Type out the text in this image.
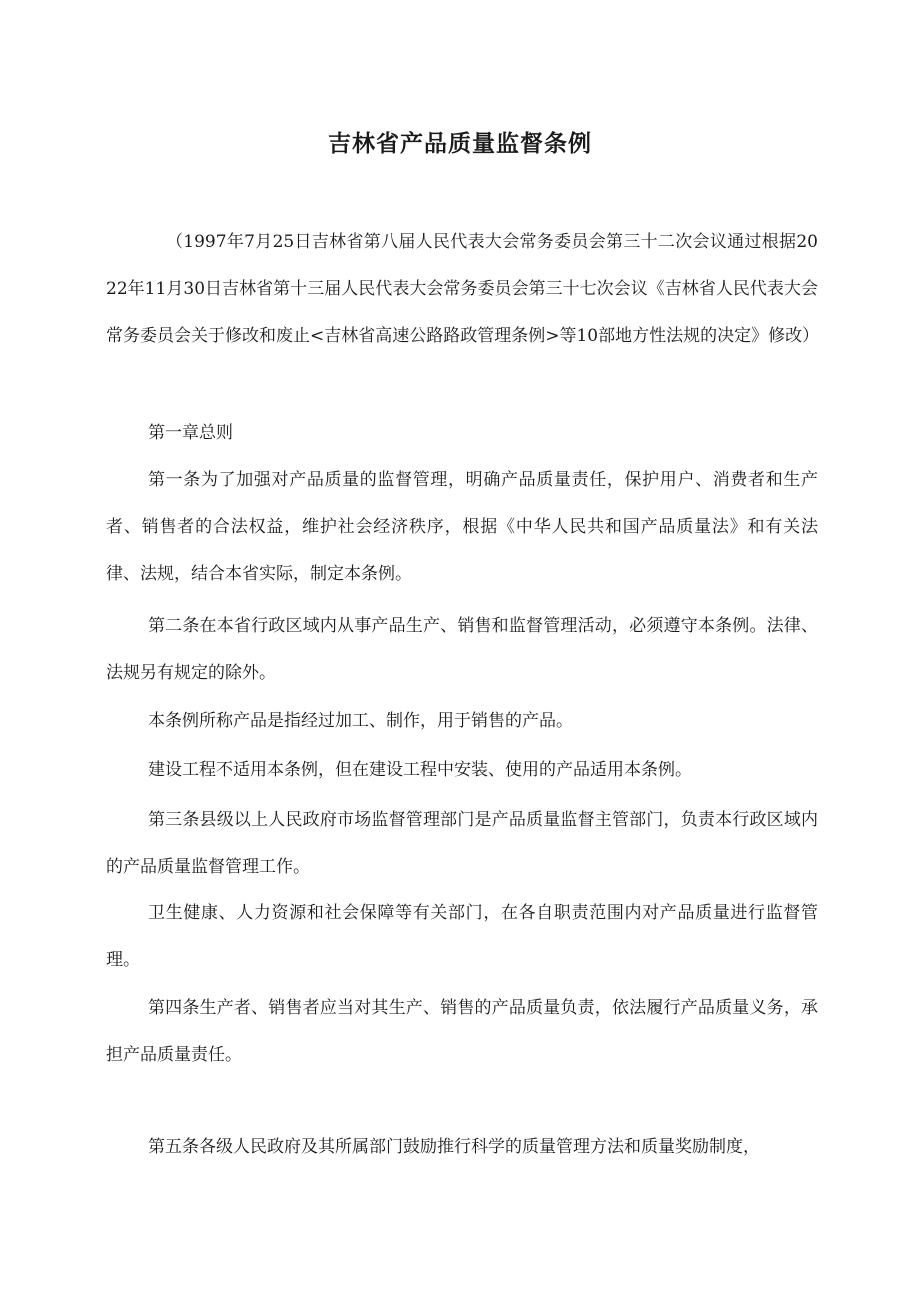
吉林省产品质量监督条例

（1997年7月25日吉林省第八届人民代表大会常务委员会第三十二次会议通过根据2022年11月30日吉林省第十三届人民代表大会常务委员会第三十七次会议《吉林省人民代表大会常务委员会关于修改和废止<吉林省高速公路路政管理条例>等10部地方性法规的决定》修改）

第一章总则

第一条为了加强对产品质量的监督管理，明确产品质量责任，保护用户、消费者和生产者、销售者的合法权益，维护社会经济秩序，根据《中华人民共和国产品质量法》和有关法律、法规，结合本省实际，制定本条例。

第二条在本省行政区域内从事产品生产、销售和监督管理活动，必须遵守本条例。法律、法规另有规定的除外。

本条例所称产品是指经过加工、制作，用于销售的产品。

建设工程不适用本条例，但在建设工程中安装、使用的产品适用本条例。

第三条县级以上人民政府市场监督管理部门是产品质量监督主管部门，负责本行政区域内的产品质量监督管理工作。

卫生健康、人力资源和社会保障等有关部门，在各自职责范围内对产品质量进行监督管理。

第四条生产者、销售者应当对其生产、销售的产品质量负责，依法履行产品质量义务，承担产品质量责任。

第五条各级人民政府及其所属部门鼓励推行科学的质量管理方法和质量奖励制度，
